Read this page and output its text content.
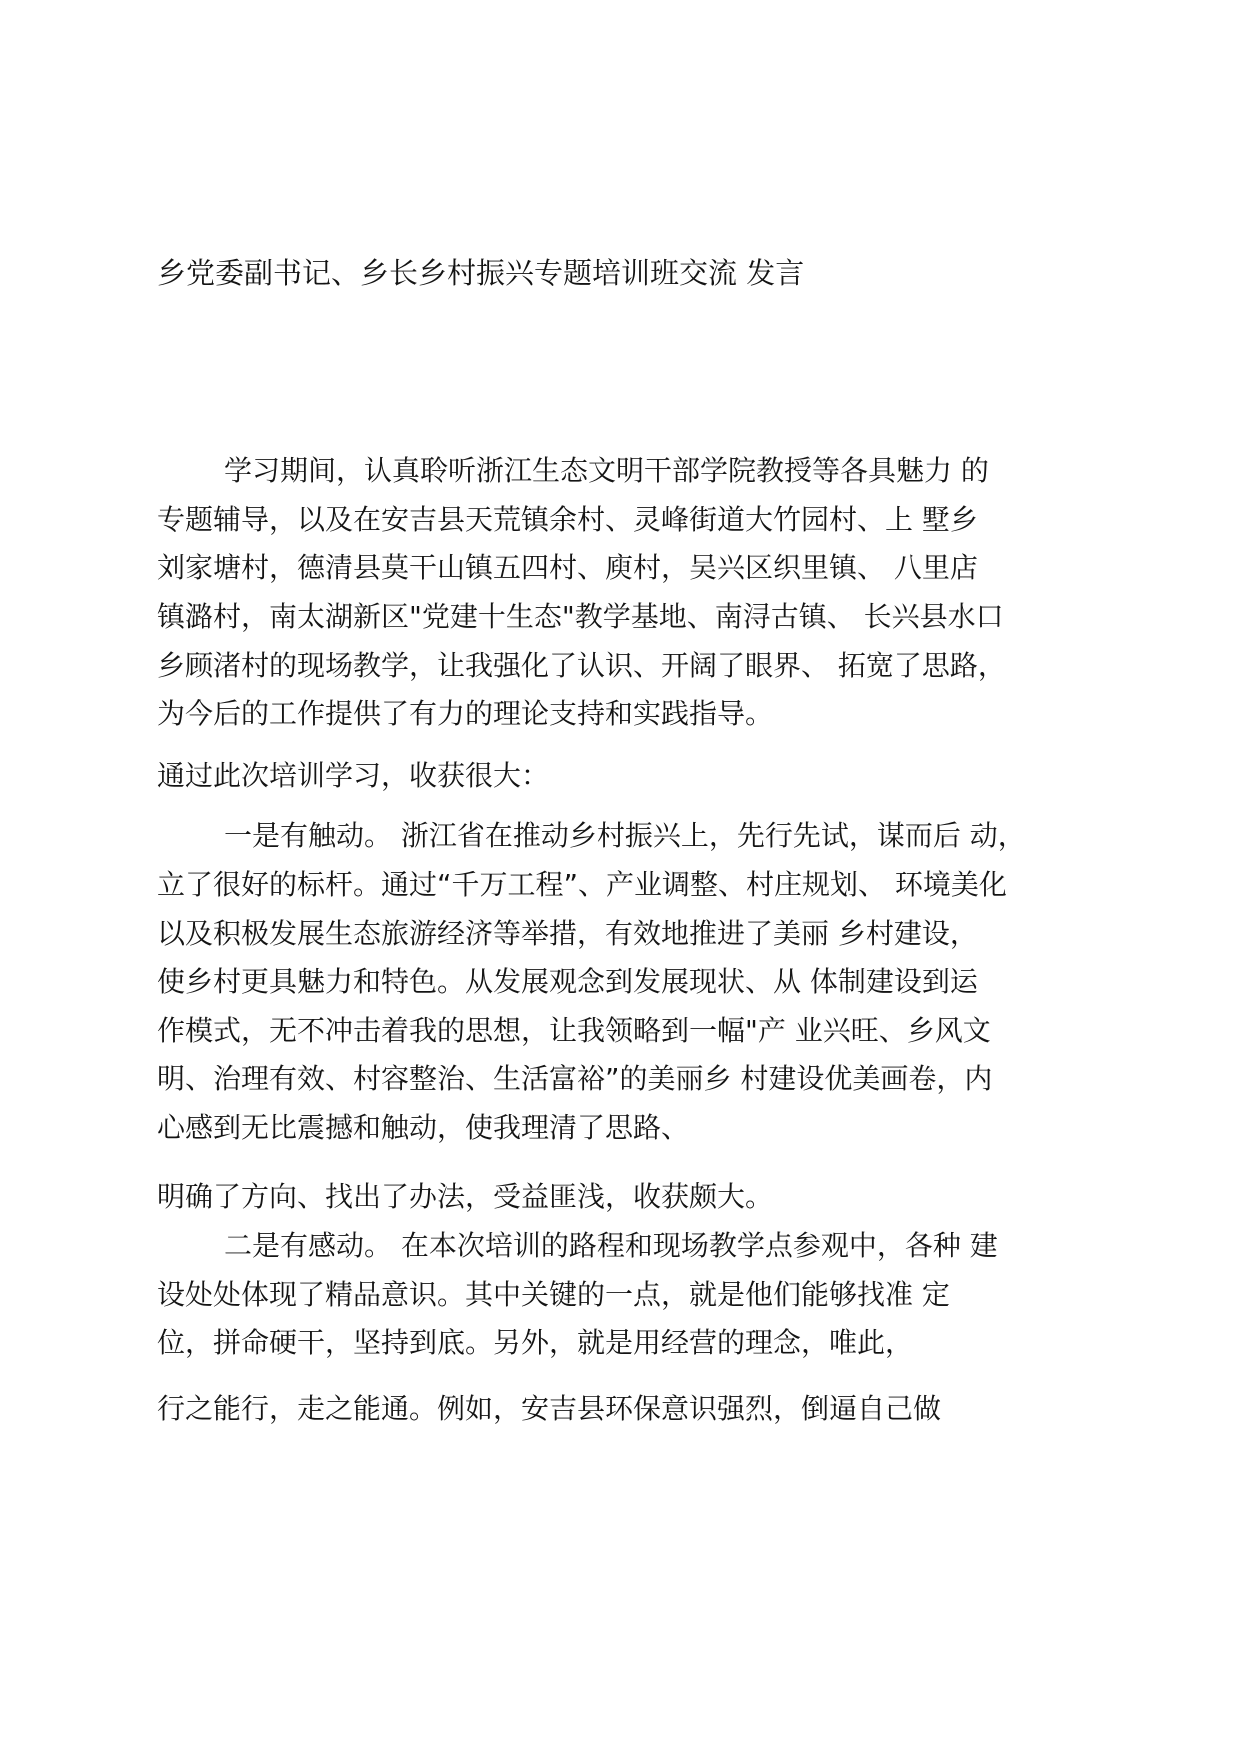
乡党委副书记、乡长乡村振兴专题培训班交流 发言
学习期间，认真聆听浙江生态文明干部学院教授等各具魅力 的
专题辅导，以及在安吉县天荒镇余村、灵峰街道大竹园村、上 墅乡
刘家塘村，德清县莫干山镇五四村、庾村，吴兴区织里镇、 八里店
镇潞村，南太湖新区"党建十生态"教学基地、南浔古镇、 长兴县水口
乡顾渚村的现场教学，让我强化了认识、开阔了眼界、 拓宽了思路，
为今后的工作提供了有力的理论支持和实践指导。
通过此次培训学习，收获很大：
一是有触动。 浙江省在推动乡村振兴上，先行先试，谋而后 动，
立了很好的标杆。通过“千万工程”、产业调整、村庄规划、 环境美化
以及积极发展生态旅游经济等举措，有效地推进了美丽 乡村建设，
使乡村更具魅力和特色。从发展观念到发展现状、从 体制建设到运
作模式，无不冲击着我的思想，让我领略到一幅"产 业兴旺、乡风文
明、治理有效、村容整治、生活富裕”的美丽乡 村建设优美画卷，内
心感到无比震撼和触动，使我理清了思路、
明确了方向、找出了办法，受益匪浅，收获颇大。
二是有感动。 在本次培训的路程和现场教学点参观中，各种 建
设处处体现了精品意识。其中关键的一点，就是他们能够找准 定
位，拼命硬干，坚持到底。另外，就是用经营的理念，唯此，
行之能行，走之能通。例如，安吉县环保意识强烈，倒逼自己做
